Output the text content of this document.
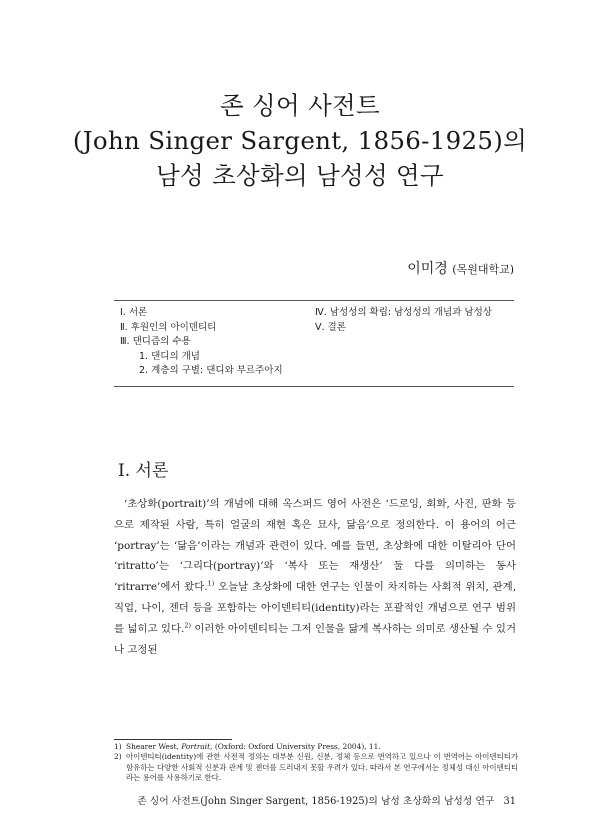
존 싱어 사전트
(John Singer Sargent, 1856-1925)의
남성 초상화의 남성성 연구
이미경 (목원대학교)
Ⅰ. 서론
Ⅱ. 후원인의 아이덴티티
Ⅲ. 댄디즘의 수용
1. 댄디의 개념
2. 계층의 구별: 댄디와 부르주아지
Ⅳ. 남성성의 확립: 남성성의 개념과 남성상
Ⅴ. 결론
Ⅰ. 서론

‘초상화(portrait)’의 개념에 대해 옥스퍼드 영어 사전은 ‘드로잉, 회화, 사진, 판화 등으로 제작된 사람, 특히 얼굴의 재현 혹은 묘사, 닮음’으로 정의한다. 이 용어의 어근 ‘portray’는 ‘닮음’이라는 개념과 관련이 있다. 예를 들면, 초상화에 대한 이탈리아 단어 ‘ritratto’는 ‘그리다(portray)’와 ‘복사 또는 재생산’ 둘 다를 의미하는 동사 ‘ritrarre’에서 왔다.$^{1)}$ 오늘날 초상화에 대한 연구는 인물이 차지하는 사회적 위치, 관계, 직업, 나이, 젠더 등을 포함하는 아이덴티티(identity)라는 포괄적인 개념으로 연구 범위를 넓히고 있다.$^{2)}$ 이러한 아이덴티티는 그저 인물을 닮게 복사하는 의미로 생산될 수 있거나 고정된

1) Shearer West, Portrait, (Oxford: Oxford University Press, 2004), 11.
2) 아이덴티티(identity)에 관한 사전적 정의는 대부분 신원, 신분, 정체 등으로 번역하고 있으나 이 번역어는 아이덴티티가 함유하는 다양한 사회적 신분과 관계 및 젠더를 드러내지 못할 우려가 있다. 따라서 본 연구에서는 정체성 대신 아이덴티티라는 용어를 사용하기로 한다.
존 싱어 사전트(John Singer Sargent, 1856-1925)의 남성 초상화의 남성성 연구 31
